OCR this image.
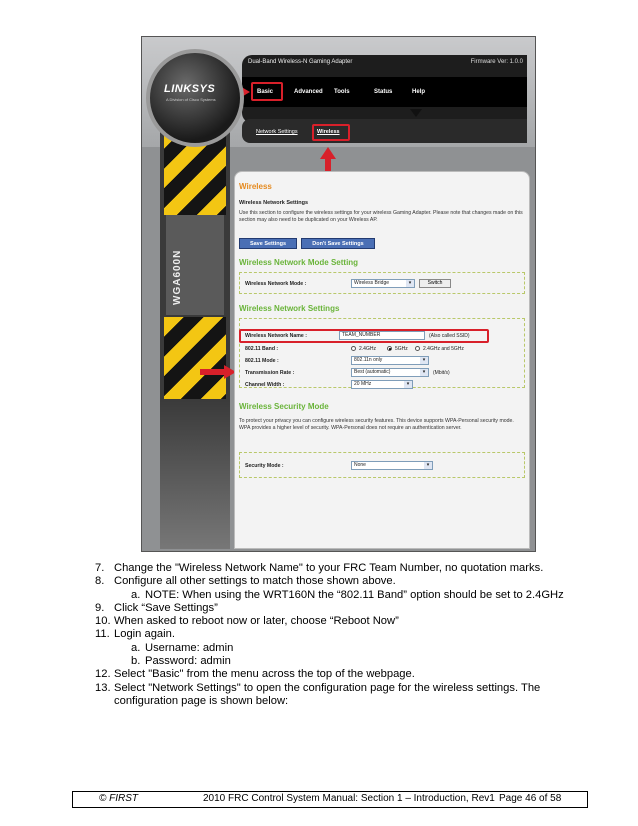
Dual-Band Wireless-N Gaming Adapter	Firmware Ver: 1.0.0
Basic	Advanced Tools	Status	Help
Network Settings	Wireless
WGA600N
LINKSYS
A Division of Cisco Systems
Wireless
Wireless Network Settings
Use this section to configure the wireless settings for your wireless Gaming Adapter. Please note that changes made on this section may also need to be duplicated on your Wireless AP.
Save Settings	Don't Save Settings
Wireless Network Mode Setting
Wireless Network Mode :	Wireless Bridge	▾	Switch
Wireless Network Settings
Wireless Network Name :	TEAM_NUMBER	(Also called SSID)
802.11 Band :	2.4GHz	5GHz	2.4GHz and 5GHz
802.11 Mode :	802.11n only	▾
Transmission Rate :	Best (automatic)	▾	(Mbit/s)
Channel Width :	20 MHz	▾
Wireless Security Mode
To protect your privacy you can configure wireless security features. This device supports WPA-Personal security mode. WPA provides a higher level of security. WPA-Personal does not require an authentication server.
Security Mode :	None	▾
7. Change the "Wireless Network Name" to your FRC Team Number, no quotation marks.
8. Configure all other settings to match those shown above.
a. NOTE: When using the WRT160N the “802.11 Band” option should be set to 2.4GHz
9. Click “Save Settings”
10. When asked to reboot now or later, choose “Reboot Now”
11. Login again.
a. Username: admin
b. Password: admin
12. Select "Basic" from the menu across the top of the webpage.
13. Select "Network Settings" to open the configuration page for the wireless settings. The
configuration page is shown below:
© FIRST	2010 FRC Control System Manual: Section 1 – Introduction, Rev1 Page 46 of 58
